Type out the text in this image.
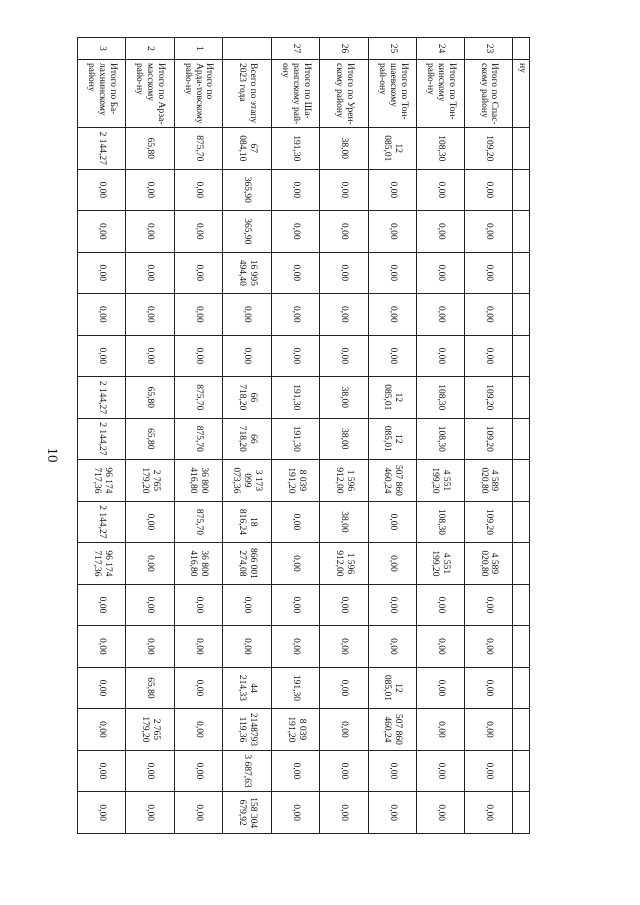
10
	ну																	
23	Итого по Спас-скому району	109,20	0,00	0,00	0,00	0,00	0,00	109,20	109,20	4 589 020,80	109,20	4 589 020,80	0,00	0,00	0,00	0,00	0,00	0,00
24	Итого по Тон-кинскому райо-ну	108,30	0,00	0,00	0,00	0,00	0,00	108,30	108,30	4 551 199,20	108,30	4 551 199,20	0,00	0,00	0,00	0,00	0,00	0,00
25	Итого по Тон-шаевскому рай-ону	12 085,01	0,00	0,00	0,00	0,00	0,00	12 085,01	12 085,01	507 860 460,24	0,00	0,00	0,00	0,00	12 085,01	507 860 460,24	0,00	0,00
26	Итого по Урен-скому району	38,00	0,00	0,00	0,00	0,00	0,00	38,00	38,00	1 596 912,00	38,00	1 596 912,00	0,00	0,00	0,00	0,00	0,00	0,00
27	Итого по Ша-рангскому рай-ону	191,30	0,00	0,00	0,00	0,00	0,00	191,30	191,30	8 039 191,20	0,00	0,00	0,00	0,00	191,30	8 039 191,20	0,00	0,00
	Всего по этапу 2023 года	67 084,10	365,90	365,90	16 995 494,40	0,00	0,00	66 718,20	66 718,20	3 173 099 073,36	18 816,24	866 001 274,08	0,00	0,00	44 214,33	2148793 119,36	3 687,63	158 304 679,92
1	Итого по Арда-товскому райо-ну	875,70	0,00	0,00	0,00	0,00	0,00	875,70	875,70	36 800 416,80	875,70	36 800 416,80	0,00	0,00	0,00	0,00	0,00	0,00
2	Итого по Арза-масскому райо-ну	65,80	0,00	0,00	0,00	0,00	0,00	65,80	65,80	2 765 179,20	0,00	0,00	0,00	0,00	65,80	2 765 179,20	0,00	0,00
3	Итого по Ба-лахнинскому району	2 144,27	0,00	0,00	0,00	0,00	0,00	2 144,27	2 144,27	96 174 717,36	2 144,27	96 174 717,36	0,00	0,00	0,00	0,00	0,00	0,00
